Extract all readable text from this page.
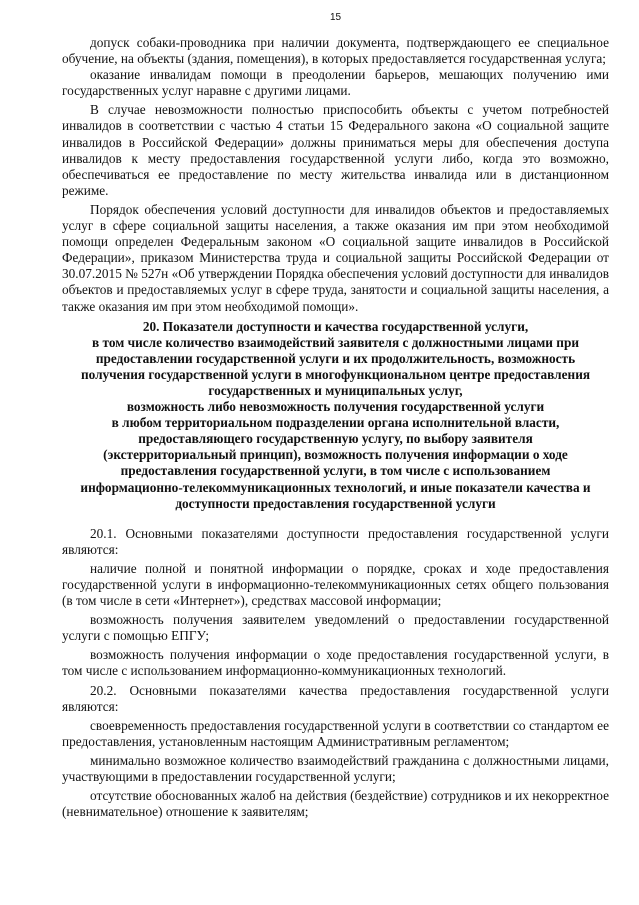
15

допуск собаки-проводника при наличии документа, подтверждающего ее специальное обучение, на объекты (здания, помещения), в которых предоставляется государственная услуга;

оказание инвалидам помощи в преодолении барьеров, мешающих получению ими государственных услуг наравне с другими лицами.

В случае невозможности полностью приспособить объекты с учетом потребностей инвалидов в соответствии с частью 4 статьи 15 Федерального закона «О социальной защите инвалидов в Российской Федерации» должны приниматься меры для обеспечения доступа инвалидов к месту предоставления государственной услуги либо, когда это возможно, обеспечиваться ее предоставление по месту жительства инвалида или в дистанционном режиме.

Порядок обеспечения условий доступности для инвалидов объектов и предоставляемых услуг в сфере социальной защиты населения, а также оказания им при этом необходимой помощи определен Федеральным законом «О социальной защите инвалидов в Российской Федерации», приказом Министерства труда и социальной защиты Российской Федерации от 30.07.2015 № 527н «Об утверждении Порядка обеспечения условий доступности для инвалидов объектов и предоставляемых услуг в сфере труда, занятости и социальной защиты населения, а также оказания им при этом необходимой помощи».

20. Показатели доступности и качества государственной услуги,
в том числе количество взаимодействий заявителя с должностными лицами при
предоставлении государственной услуги и их продолжительность, возможность
получения государственной услуги в многофункциональном центре предоставления
государственных и муниципальных услуг,
возможность либо невозможность получения государственной услуги
в любом территориальном подразделении органа исполнительной власти,
предоставляющего государственную услугу, по выбору заявителя
(экстерриториальный принцип), возможность получения информации о ходе
предоставления государственной услуги, в том числе с использованием
информационно-телекоммуникационных технологий, и иные показатели качества и
доступности предоставления государственной услуги

20.1. Основными показателями доступности предоставления государственной услуги являются:

наличие полной и понятной информации о порядке, сроках и ходе предоставления государственной услуги в информационно-телекоммуникационных сетях общего пользования (в том числе в сети «Интернет»), средствах массовой информации;

возможность получения заявителем уведомлений о предоставлении государственной услуги с помощью ЕПГУ;

возможность получения информации о ходе предоставления государственной услуги, в том числе с использованием информационно-коммуникационных технологий.

20.2. Основными показателями качества предоставления государственной услуги являются:

своевременность предоставления государственной услуги в соответствии со стандартом ее предоставления, установленным настоящим Административным регламентом;

минимально возможное количество взаимодействий гражданина с должностными лицами, участвующими в предоставлении государственной услуги;

отсутствие обоснованных жалоб на действия (бездействие) сотрудников и их некорректное (невнимательное) отношение к заявителям;
